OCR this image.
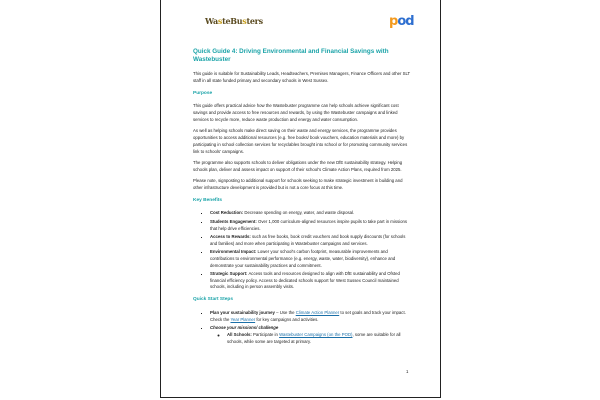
WasteBusters	pod
Quick Guide 4: Driving Environmental and Financial Savings with Wastebuster

This guide is suitable for Sustainability Leads, Headteachers, Premises Managers, Finance Officers and other SLT staff in all state funded primary and secondary schools in West Sussex.

Purpose

This guide offers practical advice how the Wastebuster programme can help schools achieve significant cost savings and provide access to free resources and rewards, by using the Wastebuster campaigns and linked services to recycle more, reduce waste production and energy and water consumption.

As well as helping schools make direct saving on their waste and energy services, the programme provides opportunities to access additional resources (e.g. free books/ book vouchers, education materials and more) by participating in school collection services for recyclables brought into school or for promoting community services link to schools' campaigns.

The programme also supports schools to deliver obligations under the new DfE sustainability strategy. Helping schools plan, deliver and assess impact on support of their school's Climate Action Plans, required from 2025.

Please note, signposting to additional support for schools seeking to make strategic investment in building and other infrastructure development is provided but is not a core focus at this time.

Key Benefits
▪ Cost Reduction: Decrease spending on energy, water, and waste disposal.
▪ Students Engagement: Over 1,000 curriculum-aligned resources inspire pupils to take part in missions that help drive efficiencies.
▪ Access to Rewards: such as free books, book credit vouchers and book supply discounts (for schools and families) and more when participating in Wastebuster campaigns and services.
▪ Environmental Impact: Lower your school's carbon footprint, measurable improvements and contributions to environmental performance (e.g. energy, waste, water, biodiversity), enhance and demonstrate your sustainability practices and commitment.
▪ Strategic Support: Access tools and resources designed to align with DfE sustainability and Ofsted financial efficiency policy. Access to dedicated schools support for West Sussex Council maintained schools, including in person assembly visits.
Quick Start Steps
▪ Plan your sustainability journey – Use the Climate Action Planner to set goals and track your impact. Check the Year Planner for key campaigns and activities.
▪ Choose your missions/ challenge
◦ All Schools: Participate in Wastebuster Campaigns (on the POD), some are suitable for all schools, while some are targeted at primary.
1
